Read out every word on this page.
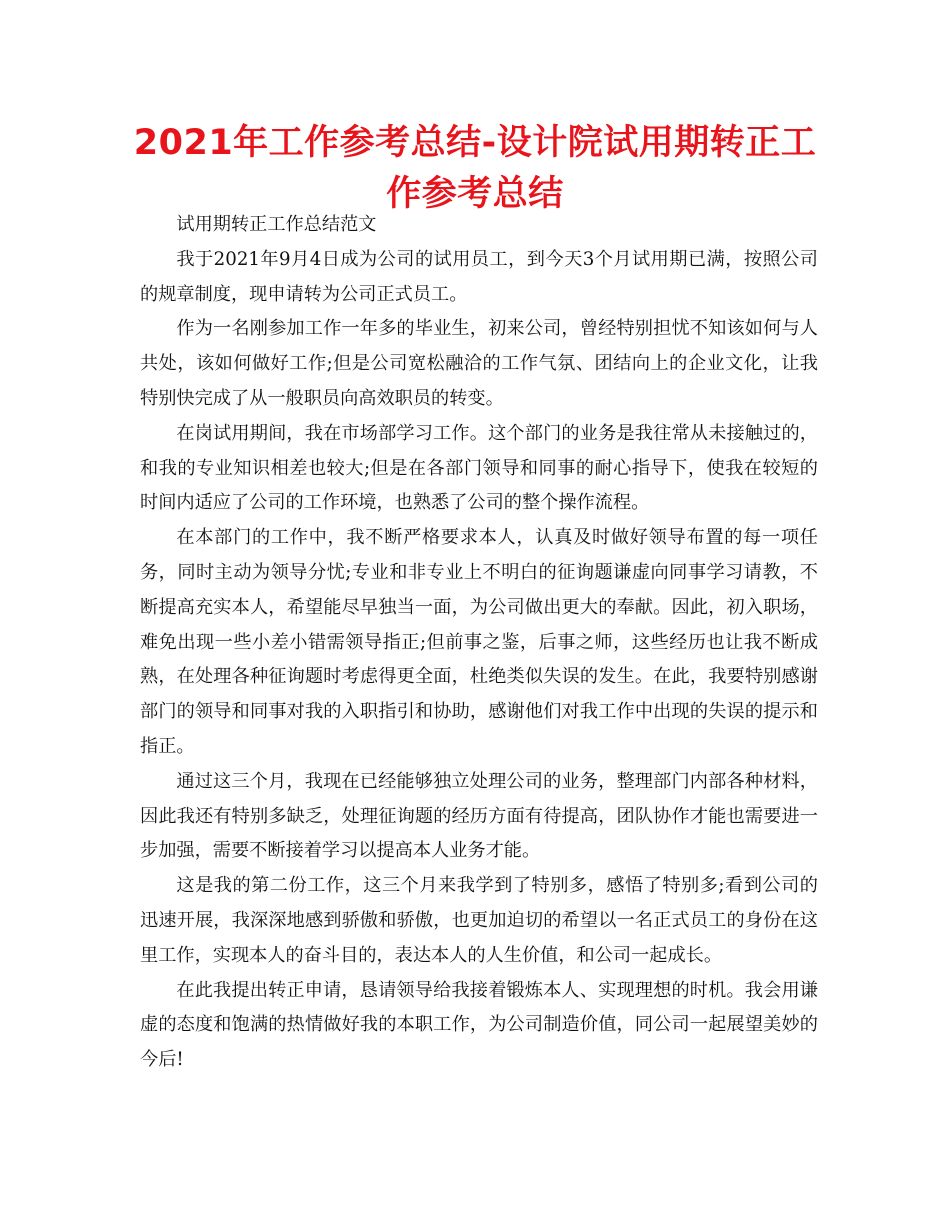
2021年工作参考总结-设计院试用期转正工作参考总结

试用期转正工作总结范文

我于2021年9月4日成为公司的试用员工，到今天3个月试用期已满，按照公司的规章制度，现申请转为公司正式员工。

作为一名刚参加工作一年多的毕业生，初来公司，曾经特别担忧不知该如何与人共处，该如何做好工作;但是公司宽松融洽的工作气氛、团结向上的企业文化，让我特别快完成了从一般职员向高效职员的转变。

在岗试用期间，我在市场部学习工作。这个部门的业务是我往常从未接触过的，和我的专业知识相差也较大;但是在各部门领导和同事的耐心指导下，使我在较短的时间内适应了公司的工作环境，也熟悉了公司的整个操作流程。

在本部门的工作中，我不断严格要求本人，认真及时做好领导布置的每一项任务，同时主动为领导分忧;专业和非专业上不明白的征询题谦虚向同事学习请教，不断提高充实本人，希望能尽早独当一面，为公司做出更大的奉献。因此，初入职场，难免出现一些小差小错需领导指正;但前事之鉴，后事之师，这些经历也让我不断成熟，在处理各种征询题时考虑得更全面，杜绝类似失误的发生。在此，我要特别感谢部门的领导和同事对我的入职指引和协助，感谢他们对我工作中出现的失误的提示和指正。

通过这三个月，我现在已经能够独立处理公司的业务，整理部门内部各种材料，因此我还有特别多缺乏，处理征询题的经历方面有待提高，团队协作才能也需要进一步加强，需要不断接着学习以提高本人业务才能。

这是我的第二份工作，这三个月来我学到了特别多，感悟了特别多;看到公司的迅速开展，我深深地感到骄傲和骄傲，也更加迫切的希望以一名正式员工的身份在这里工作，实现本人的奋斗目的，表达本人的人生价值，和公司一起成长。

在此我提出转正申请，恳请领导给我接着锻炼本人、实现理想的时机。我会用谦虚的态度和饱满的热情做好我的本职工作，为公司制造价值，同公司一起展望美妙的今后!
